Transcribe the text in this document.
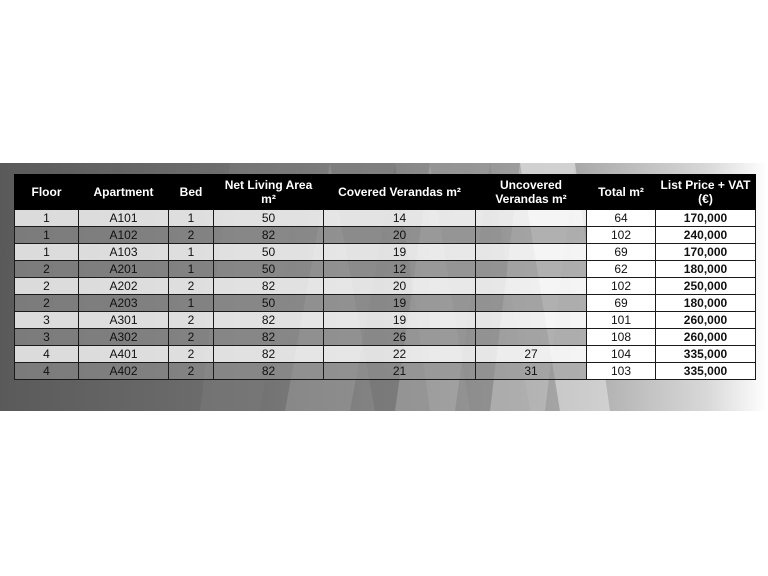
Floor	Apartment	Bed	Net Living Area m²	Covered Verandas m²	Uncovered Verandas m²	Total m²	List Price + VAT (€)
1	A101	1	50	14		64	170,000
1	A102	2	82	20		102	240,000
1	A103	1	50	19		69	170,000
2	A201	1	50	12		62	180,000
2	A202	2	82	20		102	250,000
2	A203	1	50	19		69	180,000
3	A301	2	82	19		101	260,000
3	A302	2	82	26		108	260,000
4	A401	2	82	22	27	104	335,000
4	A402	2	82	21	31	103	335,000
